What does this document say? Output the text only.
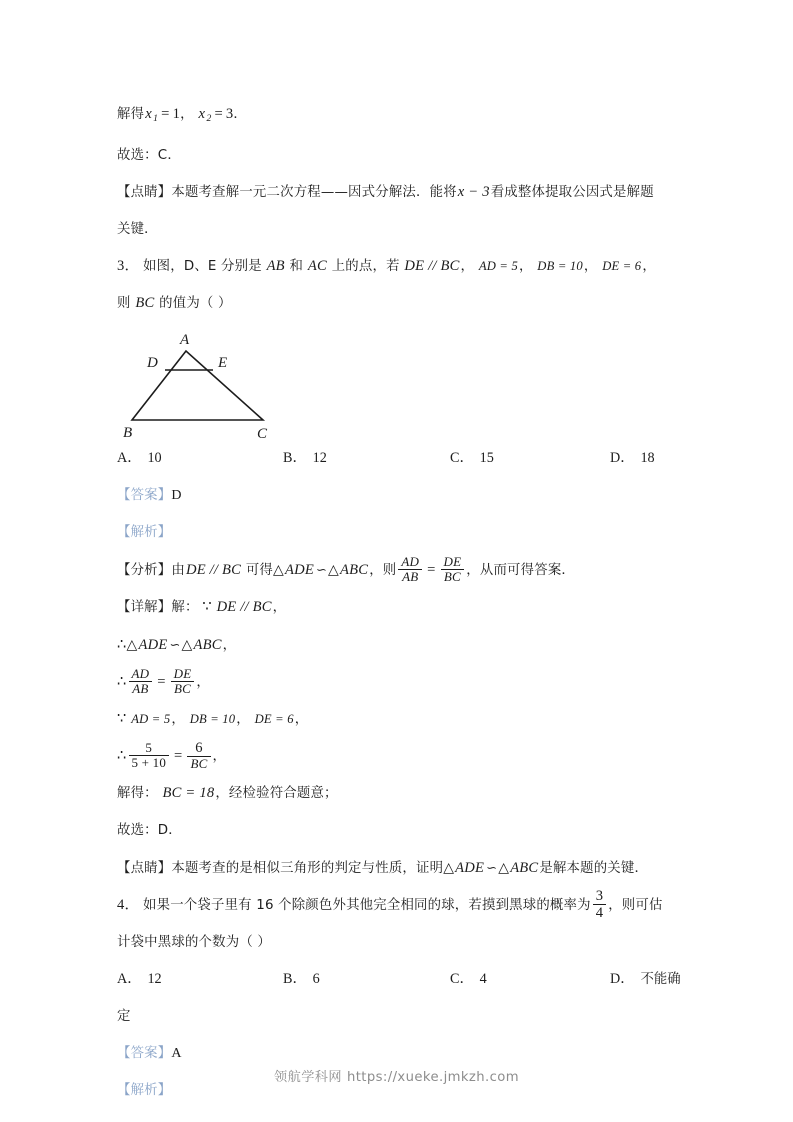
解得$x_1 = 1$， $x_2 = 3$．
故选：C．
【点睛】本题考查解一元二次方程——因式分解法．能将x − 3看成整体提取公因式是解题
关键．
3． 如图，D、E 分别是 AB 和 AC 上的点，若 DE // BC， AD = 5， DB = 10， DE = 6，
则 BC 的值为（ ）
A
D	E
B	C
A． 10	B． 12	C． 15	D． 18
【答案】D
【解析】
【分析】由DE // BC 可得△ADE ∽△ABC，则 $\frac{AD}{AB} = \frac{DE}{BC}$ ，从而可得答案．
【详解】解： ∵ DE // BC，
∴△ADE ∽△ABC，
∴ $\frac{AD}{AB} = \frac{DE}{BC}$ ，
∵ AD = 5， DB = 10， DE = 6，
∴ $\frac{5}{5 + 10} = \frac{6}{BC}$ ，
解得： BC = 18，经检验符合题意；
故选：D．
【点睛】本题考查的是相似三角形的判定与性质，证明△ADE ∽△ABC是解本题的关键．
4． 如果一个袋子里有 16 个除颜色外其他完全相同的球，若摸到黑球的概率为 $\frac{3}{4}$ ，则可估
计袋中黑球的个数为（ ）
A． 12	B． 6	C． 4	D． 不能确
定
【答案】A
【解析】
领航学科网 https://xueke.jmkzh.com
